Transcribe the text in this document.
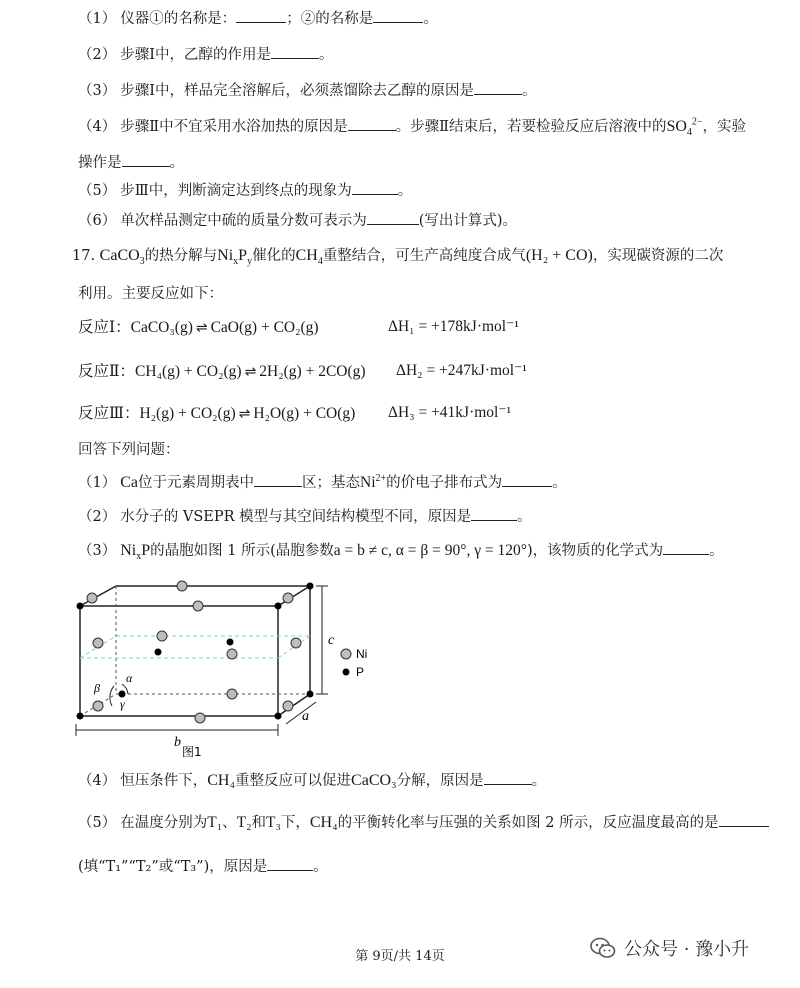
（1） 仪器①的名称是：	；②的名称是	。
（2） 步骤Ⅰ中，乙醇的作用是	。
（3） 步骤Ⅰ中，样品完全溶解后，必须蒸馏除去乙醇的原因是	。
（4） 步骤Ⅱ中不宜采用水浴加热的原因是	。步骤Ⅱ结束后，若要检验反应后溶液中的$SO_4^{2-}$，实验
操作是	。
（5） 步Ⅲ中，判断滴定达到终点的现象为	。
（6） 单次样品测定中硫的质量分数可表示为	(写出计算式)。
17. CaCO$_3$的热分解与$Ni_xP_y$催化的$CH_4$重整结合，可生产高纯度合成气(H₂ + CO)，实现碳资源的二次
利用。主要反应如下：
反应Ⅰ：CaCO₃(g) ⇌ CaO(g) + CO₂(g)	ΔH₁ = +178kJ·mol⁻¹
反应Ⅱ：CH₄(g) + CO₂(g) ⇌ 2H₂(g) + 2CO(g) ΔH₂ = +247kJ·mol⁻¹
反应Ⅲ：H₂(g) + CO₂(g) ⇌ H₂O(g) + CO(g) ΔH₃ = +41kJ·mol⁻¹
回答下列问题：
（1） Ca位于元素周期表中	区；基态$Ni^{2+}$的价电子排布式为	。
（2） 水分子的 VSEPR 模型与其空间结构模型不同，原因是	。
（3） $Ni_xP$的晶胞如图 1 所示(晶胞参数a = b ≠ c, α = β = 90°, γ = 120°)，该物质的化学式为	。
c
b
a
α
β
γ
Ni
P
图1
（4） 恒压条件下，CH₄重整反应可以促进CaCO₃分解，原因是	。
（5） 在温度分别为T₁、T₂和T₃下，CH₄的平衡转化率与压强的关系如图 2 所示，反应温度最高的是
(填“T₁”“T₂”或“T₃”)，原因是	。
第 9页/共 14页	公众号 · 豫小升
